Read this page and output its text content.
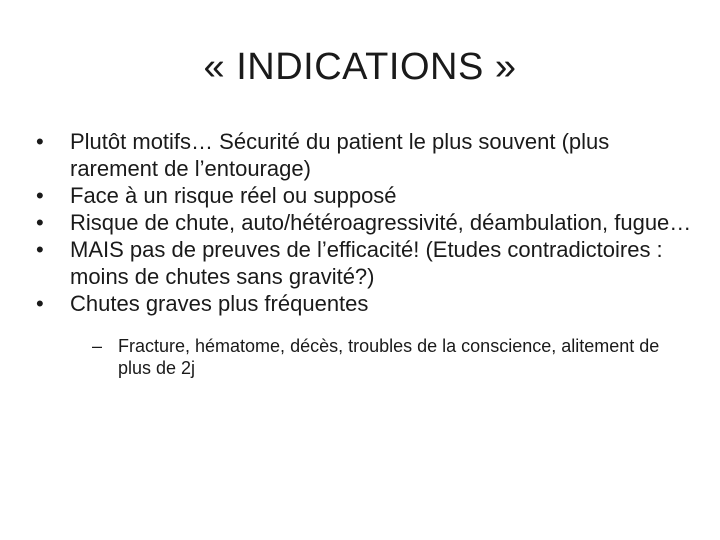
« INDICATIONS »
•	Plutôt motifs… Sécurité du patient le plus souvent (plus rarement de l’entourage)
•	Face à un risque réel ou supposé
•	Risque de chute, auto/hétéroagressivité, déambulation, fugue…
•	MAIS pas de preuves de l’efficacité! (Etudes contradictoires : moins de chutes sans gravité?)
•	Chutes graves plus fréquentes
– Fracture, hématome, décès, troubles de la conscience, alitement de plus de 2j
